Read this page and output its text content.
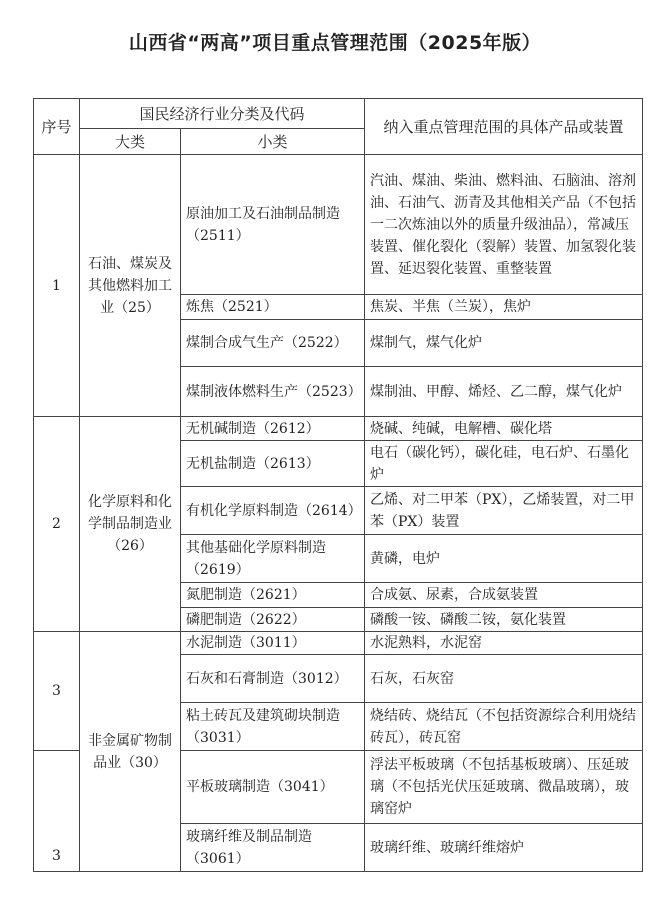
山西省“两高”项目重点管理范围（2025年版）
序号	国民经济行业分类及代码		纳入重点管理范围的具体产品或装置
	大类	小类	
1	石油、煤炭及其他燃料加工业（25）	原油加工及石油制品制造（2511）	汽油、煤油、柴油、燃料油、石脑油、溶剂油、石油气、沥青及其他相关产品（不包括一二次炼油以外的质量升级油品），常减压装置、催化裂化（裂解）装置、加氢裂化装置、延迟裂化装置、重整装置
		炼焦（2521）	焦炭、半焦（兰炭），焦炉
		煤制合成气生产（2522）	煤制气，煤气化炉
		煤制液体燃料生产（2523）	煤制油、甲醇、烯烃、乙二醇，煤气化炉
2	化学原料和化学制品制造业（26）	无机碱制造（2612）	烧碱、纯碱，电解槽、碳化塔
		无机盐制造（2613）	电石（碳化钙），碳化硅，电石炉、石墨化炉
		有机化学原料制造（2614）	乙烯、对二甲苯（PX），乙烯装置，对二甲苯（PX）装置
		其他基础化学原料制造（2619）	黄磷，电炉
		氮肥制造（2621）	合成氨、尿素，合成氨装置
		磷肥制造（2622）	磷酸一铵、磷酸二铵，氨化装置
3	非金属矿物制品业（30）	水泥制造（3011）	水泥熟料，水泥窑
		石灰和石膏制造（3012）	石灰，石灰窑
		粘土砖瓦及建筑砌块制造（3031）	烧结砖、烧结瓦（不包括资源综合利用烧结砖瓦），砖瓦窑
3		平板玻璃制造（3041）	浮法平板玻璃（不包括基板玻璃）、压延玻璃（不包括光伏压延玻璃、微晶玻璃），玻璃窑炉
		玻璃纤维及制品制造（3061）	玻璃纤维、玻璃纤维熔炉
